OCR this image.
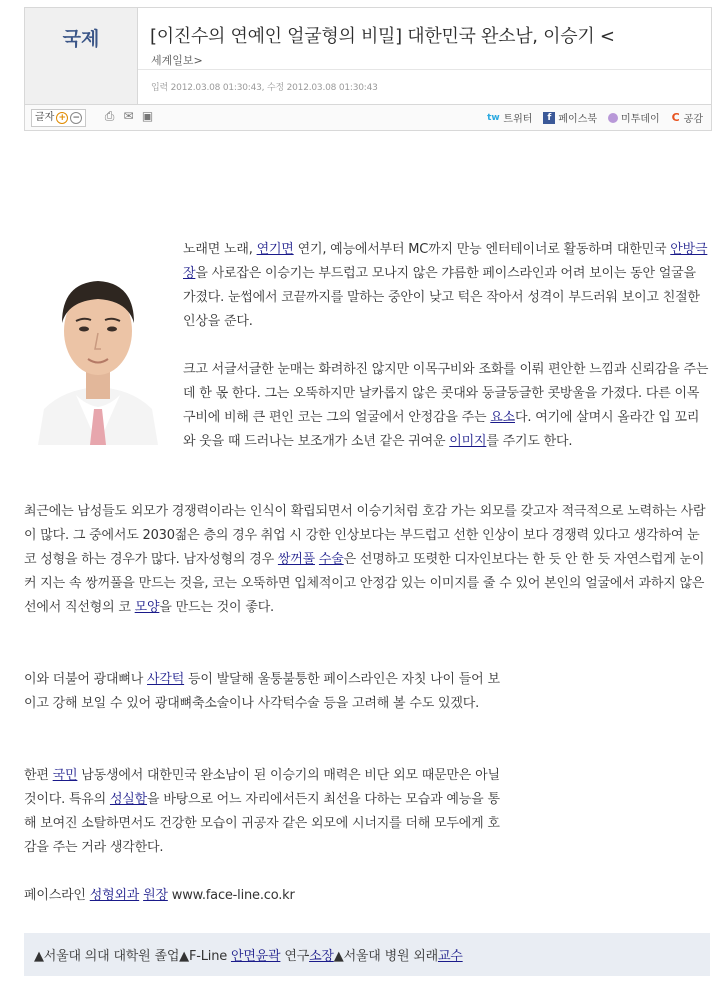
국제	[이진수의 연예인 얼굴형의 비밀] 대한민국 완소남, 이승기 <
세계일보>
입력 2012.03.08 01:30:43, 수정 2012.03.08 01:30:43
글자 + − ⎙ ✉ ▣	tw 트위터	f 페이스북 미투데이 C 공감

노래면 노래, 연기면 연기, 예능에서부터 MC까지 만능 엔터테이너로 활동하며 대한민국 안방극장을 사로잡은 이승기는 부드럽고 모나지 않은 갸름한 페이스라인과 어려 보이는 동안 얼굴을 가졌다. 눈썹에서 코끝까지를 말하는 중안이 낮고 턱은 작아서 성격이 부드러워 보이고 친절한 인상을 준다.

크고 서글서글한 눈매는 화려하진 않지만 이목구비와 조화를 이뤄 편안한 느낌과 신뢰감을 주는데 한 몫 한다. 그는 오뚝하지만 날카롭지 않은 콧대와 둥글둥글한 콧방울을 가졌다. 다른 이목구비에 비해 큰 편인 코는 그의 얼굴에서 안정감을 주는 요소다. 여기에 살며시 올라간 입 꼬리와 웃을 때 드러나는 보조개가 소년 같은 귀여운 이미지를 주기도 한다.

최근에는 남성들도 외모가 경쟁력이라는 인식이 확립되면서 이승기처럼 호감 가는 외모를 갖고자 적극적으로 노력하는 사람이 많다. 그 중에서도 2030젊은 층의 경우 취업 시 강한 인상보다는 부드럽고 선한 인상이 보다 경쟁력 있다고 생각하여 눈코 성형을 하는 경우가 많다. 남자성형의 경우 쌍꺼풀 수술은 선명하고 또렷한 디자인보다는 한 듯 안 한 듯 자연스럽게 눈이 커 지는 속 쌍꺼풀을 만드는 것을, 코는 오뚝하면 입체적이고 안정감 있는 이미지를 줄 수 있어 본인의 얼굴에서 과하지 않은 선에서 직선형의 코 모양을 만드는 것이 좋다.

이와 더불어 광대뼈나 사각턱 등이 발달해 울퉁불퉁한 페이스라인은 자칫 나이 들어 보이고 강해 보일 수 있어 광대뼈축소술이나 사각턱수술 등을 고려해 볼 수도 있겠다.

한편 국민 남동생에서 대한민국 완소남이 된 이승기의 매력은 비단 외모 때문만은 아닐 것이다. 특유의 성실함을 바탕으로 어느 자리에서든지 최선을 다하는 모습과 예능을 통해 보여진 소탈하면서도 건강한 모습이 귀공자 같은 외모에 시너지를 더해 모두에게 호감을 주는 거라 생각한다.

페이스라인 성형외과 원장 www.face-line.co.kr

▲서울대 의대 대학원 졸업▲F-Line 안면윤곽 연구소장▲서울대 병원 외래교수
